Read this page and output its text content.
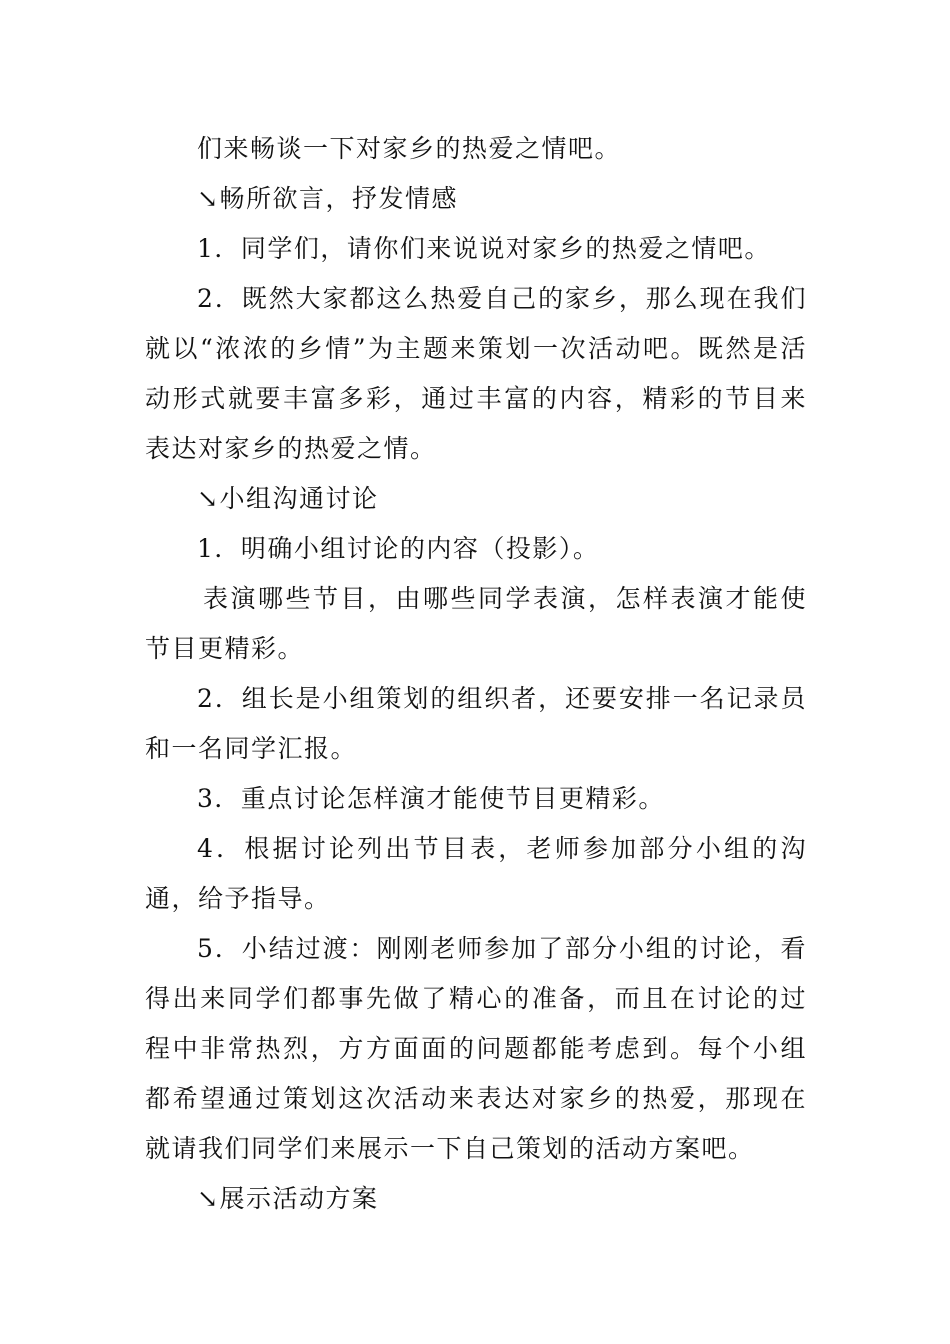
们来畅谈一下对家乡的热爱之情吧。

↘畅所欲言，抒发情感

1．同学们，请你们来说说对家乡的热爱之情吧。

2．既然大家都这么热爱自己的家乡，那么现在我们就以“浓浓的乡情”为主题来策划一次活动吧。既然是活动形式就要丰富多彩，通过丰富的内容，精彩的节目来表达对家乡的热爱之情。

↘小组沟通讨论

1．明确小组讨论的内容（投影）。

表演哪些节目，由哪些同学表演，怎样表演才能使节目更精彩。

2．组长是小组策划的组织者，还要安排一名记录员和一名同学汇报。

3．重点讨论怎样演才能使节目更精彩。

4．根据讨论列出节目表，老师参加部分小组的沟通，给予指导。

5．小结过渡：刚刚老师参加了部分小组的讨论，看得出来同学们都事先做了精心的准备，而且在讨论的过程中非常热烈，方方面面的问题都能考虑到。每个小组都希望通过策划这次活动来表达对家乡的热爱，那现在就请我们同学们来展示一下自己策划的活动方案吧。

↘展示活动方案
